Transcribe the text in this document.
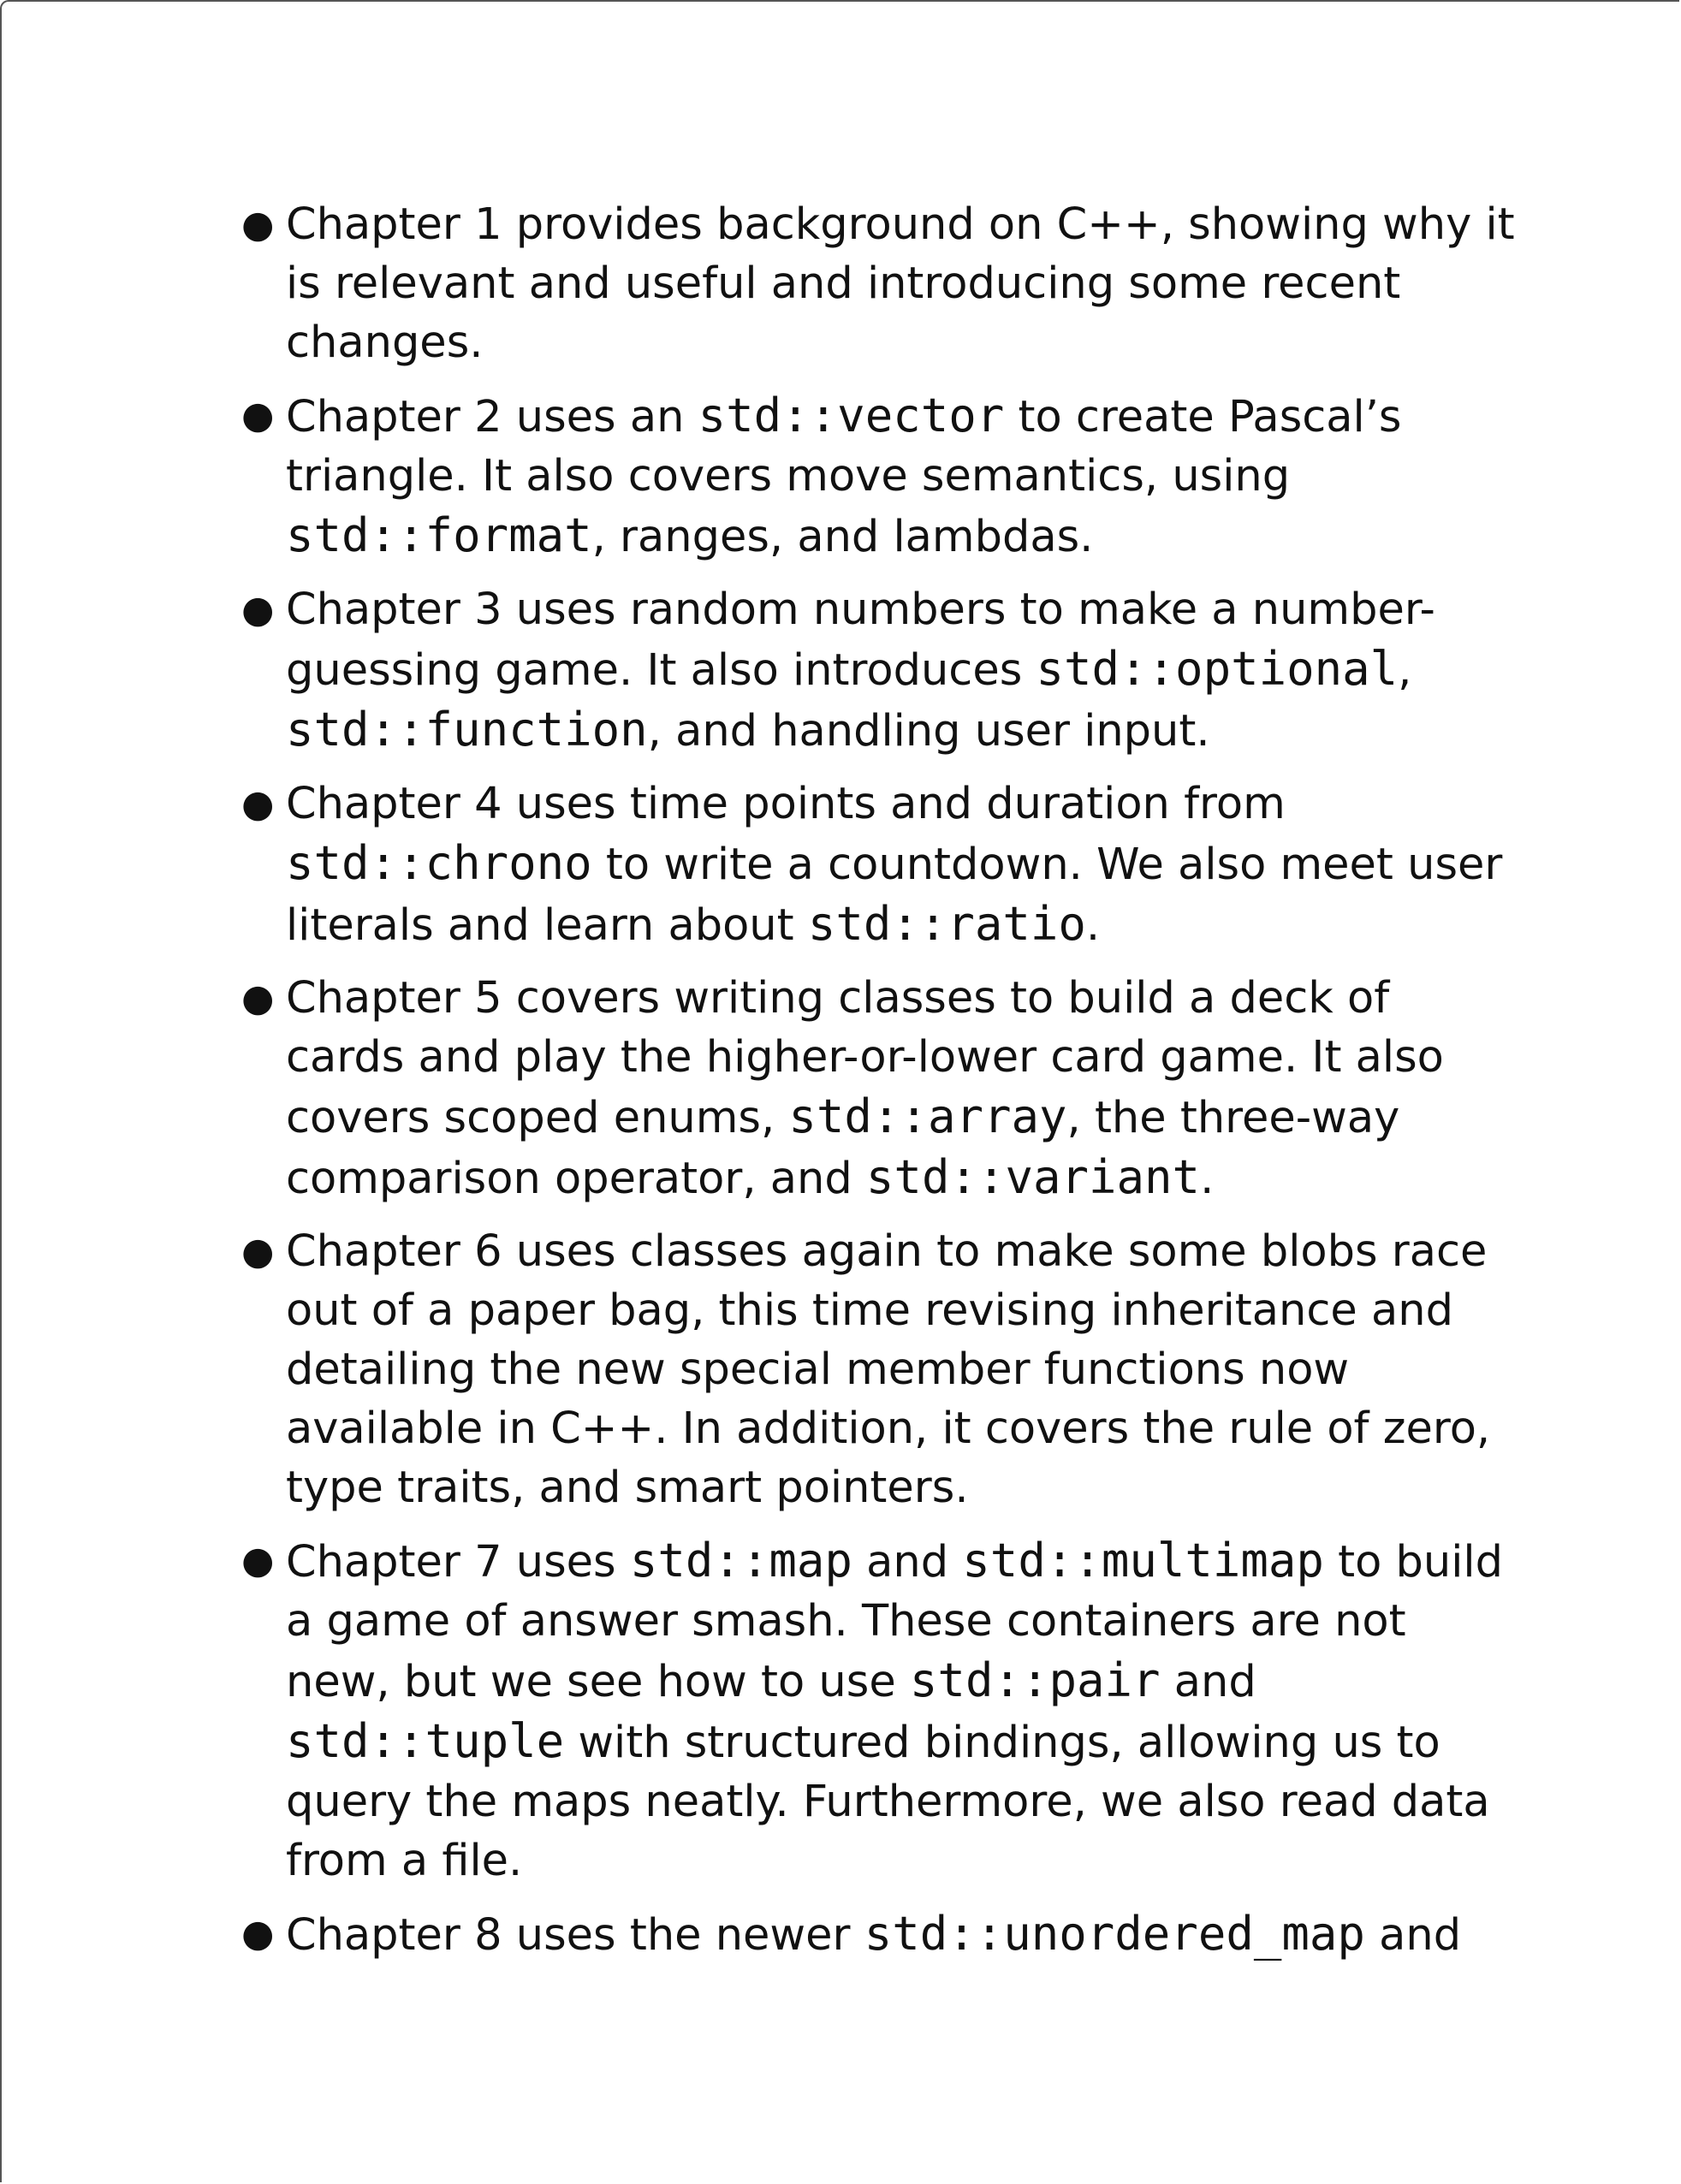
● Chapter 1 provides background on C++, showing why it is relevant and useful and introducing some recent changes.
● Chapter 2 uses an std::vector to create Pascal’s triangle. It also covers move semantics, using std::format, ranges, and lambdas.
● Chapter 3 uses random numbers to make a number-guessing game. It also introduces std::optional, std::function, and handling user input.
● Chapter 4 uses time points and duration from std::chrono to write a countdown. We also meet user literals and learn about std::ratio.
● Chapter 5 covers writing classes to build a deck of cards and play the higher-or-lower card game. It also covers scoped enums, std::array, the three-way comparison operator, and std::variant.
● Chapter 6 uses classes again to make some blobs race out of a paper bag, this time revising inheritance and detailing the new special member functions now available in C++. In addition, it covers the rule of zero, type traits, and smart pointers.
● Chapter 7 uses std::map and std::multimap to build a game of answer smash. These containers are not new, but we see how to use std::pair and std::tuple with structured bindings, allowing us to query the maps neatly. Furthermore, we also read data from a file.
● Chapter 8 uses the newer std::unordered_map and
